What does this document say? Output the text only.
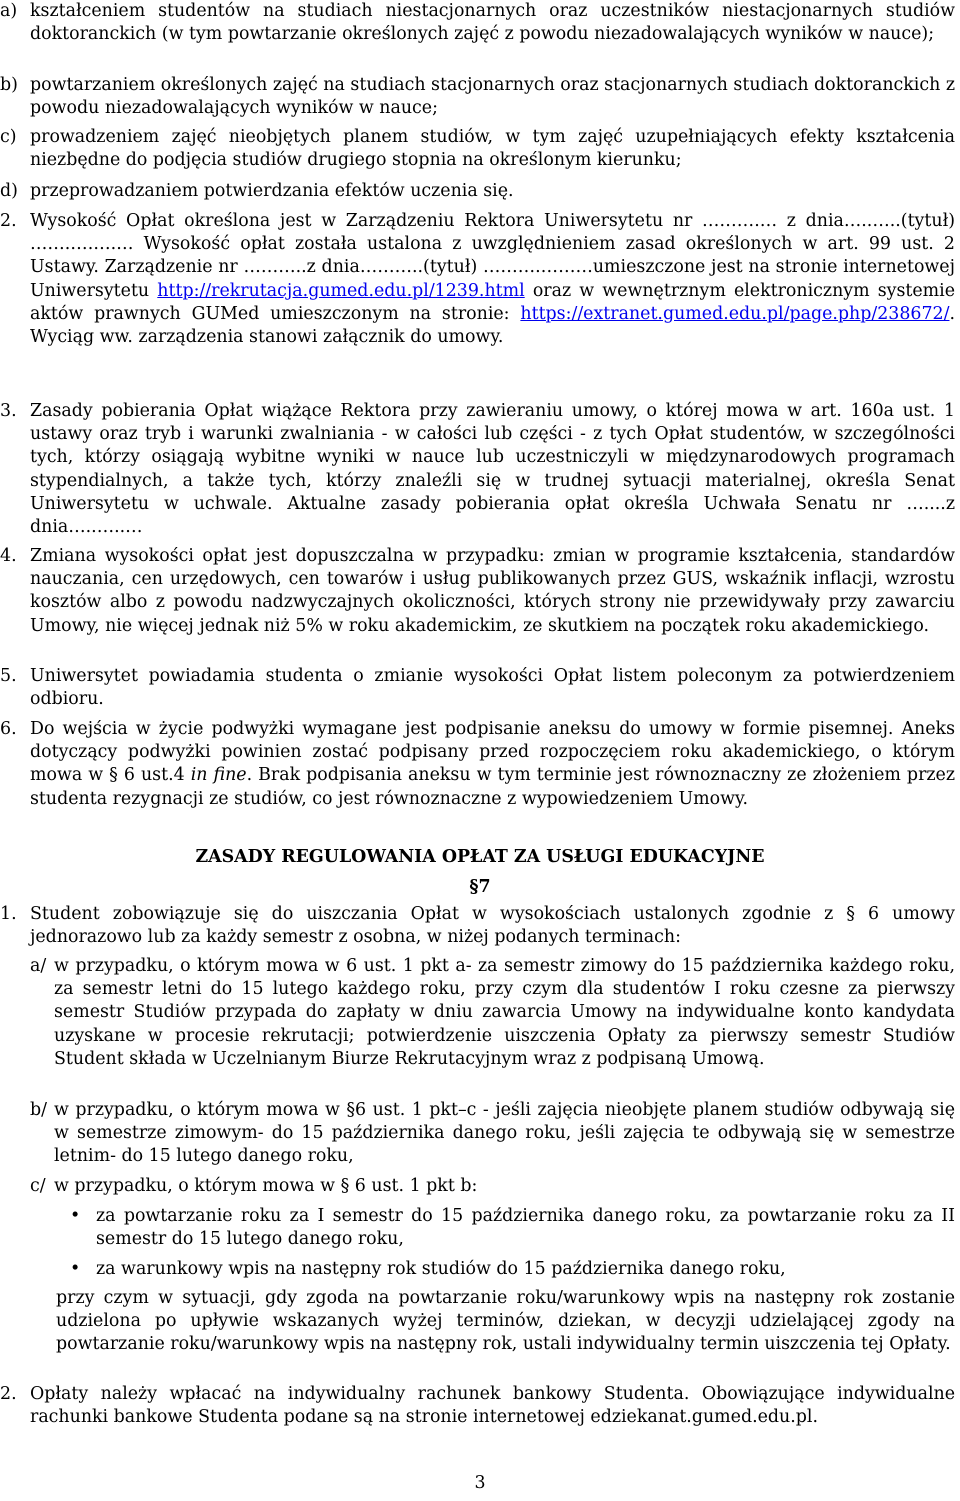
a) kształceniem studentów na studiach niestacjonarnych oraz uczestników niestacjonarnych studiów doktoranckich (w tym powtarzanie określonych zajęć z powodu niezadowalających wyników w nauce);

b) powtarzaniem określonych zajęć na studiach stacjonarnych oraz stacjonarnych studiach doktoranckich z powodu niezadowalających wyników w nauce;

c) prowadzeniem zajęć nieobjętych planem studiów, w tym zajęć uzupełniających efekty kształcenia niezbędne do podjęcia studiów drugiego stopnia na określonym kierunku;

d) przeprowadzaniem potwierdzania efektów uczenia się.

2. Wysokość Opłat określona jest w Zarządzeniu Rektora Uniwersytetu nr ……….… z dnia…..…..(tytuł) …….….….… Wysokość opłat została ustalona z uwzględnieniem zasad określonych w art. 99 ust. 2 Ustawy. Zarządzenie nr ………..z dnia………..(tytuł) ……….………umieszczone jest na stronie internetowej Uniwersytetu http://rekrutacja.gumed.edu.pl/1239.html oraz w wewnętrznym elektronicznym systemie aktów prawnych GUMed umieszczonym na stronie: https://extranet.gumed.edu.pl/page.php/238672/. Wyciąg ww. zarządzenia stanowi załącznik do umowy.

3. Zasady pobierania Opłat wiążące Rektora przy zawieraniu umowy, o której mowa w art. 160a ust. 1 ustawy oraz tryb i warunki zwalniania - w całości lub części - z tych Opłat studentów, w szczególności tych, którzy osiągają wybitne wyniki w nauce lub uczestniczyli w międzynarodowych programach stypendialnych, a także tych, którzy znaleźli się w trudnej sytuacji materialnej, określa Senat Uniwersytetu w uchwale. Aktualne zasady pobierania opłat określa Uchwała Senatu nr …....z dnia…..…..…

4. Zmiana wysokości opłat jest dopuszczalna w przypadku: zmian w programie kształcenia, standardów nauczania, cen urzędowych, cen towarów i usług publikowanych przez GUS, wskaźnik inflacji, wzrostu kosztów albo z powodu nadzwyczajnych okoliczności, których strony nie przewidywały przy zawarciu Umowy, nie więcej jednak niż 5% w roku akademickim, ze skutkiem na początek roku akademickiego.

5. Uniwersytet powiadamia studenta o zmianie wysokości Opłat listem poleconym za potwierdzeniem odbioru.

6. Do wejścia w życie podwyżki wymagane jest podpisanie aneksu do umowy w formie pisemnej. Aneks dotyczący podwyżki powinien zostać podpisany przed rozpoczęciem roku akademickiego, o którym mowa w § 6 ust.4 in fine. Brak podpisania aneksu w tym terminie jest równoznaczny ze złożeniem przez studenta rezygnacji ze studiów, co jest równoznaczne z wypowiedzeniem Umowy.

ZASADY REGULOWANIA OPŁAT ZA USŁUGI EDUKACYJNE
§7
1. Student zobowiązuje się do uiszczania Opłat w wysokościach ustalonych zgodnie z § 6 umowy jednorazowo lub za każdy semestr z osobna, w niżej podanych terminach:

a/ w przypadku, o którym mowa w 6 ust. 1 pkt a- za semestr zimowy do 15 października każdego roku, za semestr letni do 15 lutego każdego roku, przy czym dla studentów I roku czesne za pierwszy semestr Studiów przypada do zapłaty w dniu zawarcia Umowy na indywidualne konto kandydata uzyskane w procesie rekrutacji; potwierdzenie uiszczenia Opłaty za pierwszy semestr Studiów Student składa w Uczelnianym Biurze Rekrutacyjnym wraz z podpisaną Umową.

b/ w przypadku, o którym mowa w §6 ust. 1 pkt–c - jeśli zajęcia nieobjęte planem studiów odbywają się w semestrze zimowym- do 15 października danego roku, jeśli zajęcia te odbywają się w semestrze letnim- do 15 lutego danego roku,

c/ w przypadku, o którym mowa w § 6 ust. 1 pkt b:

• za powtarzanie roku za I semestr do 15 października danego roku, za powtarzanie roku za II semestr do 15 lutego danego roku,

• za warunkowy wpis na następny rok studiów do 15 października danego roku,

przy czym w sytuacji, gdy zgoda na powtarzanie roku/warunkowy wpis na następny rok zostanie udzielona po upływie wskazanych wyżej terminów, dziekan, w decyzji udzielającej zgody na powtarzanie roku/warunkowy wpis na następny rok, ustali indywidualny termin uiszczenia tej Opłaty.

2. Opłaty należy wpłacać na indywidualny rachunek bankowy Studenta. Obowiązujące indywidualne rachunki bankowe Studenta podane są na stronie internetowej edziekanat.gumed.edu.pl.

3
